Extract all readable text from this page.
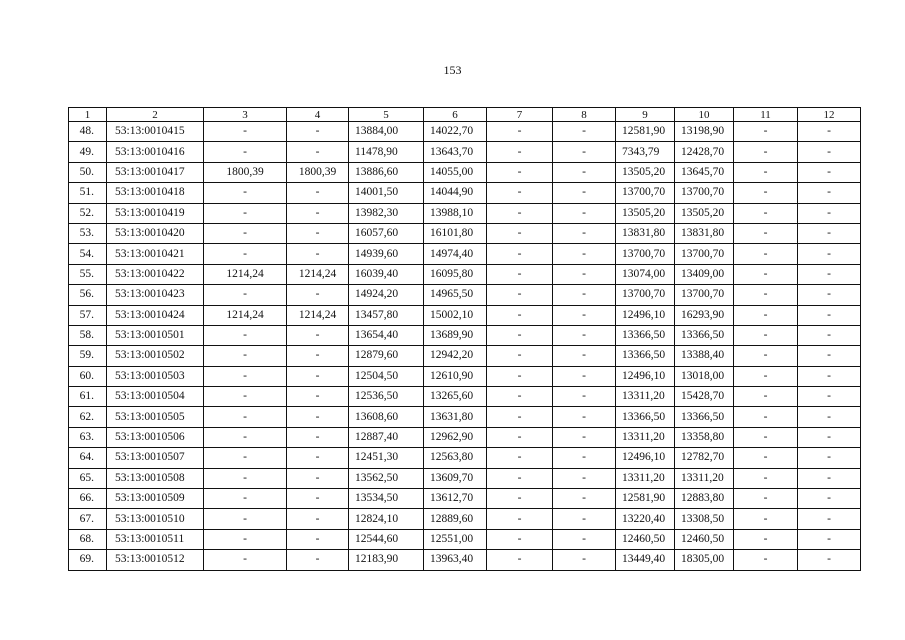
153
1	2	3	4	5	6	7	8	9	10	11	12
48.	53:13:0010415	-	-	13884,00	14022,70	-	-	12581,90	13198,90	-	-
49.	53:13:0010416	-	-	11478,90	13643,70	-	-	7343,79	12428,70	-	-
50.	53:13:0010417	1800,39	1800,39	13886,60	14055,00	-	-	13505,20	13645,70	-	-
51.	53:13:0010418	-	-	14001,50	14044,90	-	-	13700,70	13700,70	-	-
52.	53:13:0010419	-	-	13982,30	13988,10	-	-	13505,20	13505,20	-	-
53.	53:13:0010420	-	-	16057,60	16101,80	-	-	13831,80	13831,80	-	-
54.	53:13:0010421	-	-	14939,60	14974,40	-	-	13700,70	13700,70	-	-
55.	53:13:0010422	1214,24	1214,24	16039,40	16095,80	-	-	13074,00	13409,00	-	-
56.	53:13:0010423	-	-	14924,20	14965,50	-	-	13700,70	13700,70	-	-
57.	53:13:0010424	1214,24	1214,24	13457,80	15002,10	-	-	12496,10	16293,90	-	-
58.	53:13:0010501	-	-	13654,40	13689,90	-	-	13366,50	13366,50	-	-
59.	53:13:0010502	-	-	12879,60	12942,20	-	-	13366,50	13388,40	-	-
60.	53:13:0010503	-	-	12504,50	12610,90	-	-	12496,10	13018,00	-	-
61.	53:13:0010504	-	-	12536,50	13265,60	-	-	13311,20	15428,70	-	-
62.	53:13:0010505	-	-	13608,60	13631,80	-	-	13366,50	13366,50	-	-
63.	53:13:0010506	-	-	12887,40	12962,90	-	-	13311,20	13358,80	-	-
64.	53:13:0010507	-	-	12451,30	12563,80	-	-	12496,10	12782,70	-	-
65.	53:13:0010508	-	-	13562,50	13609,70	-	-	13311,20	13311,20	-	-
66.	53:13:0010509	-	-	13534,50	13612,70	-	-	12581,90	12883,80	-	-
67.	53:13:0010510	-	-	12824,10	12889,60	-	-	13220,40	13308,50	-	-
68.	53:13:0010511	-	-	12544,60	12551,00	-	-	12460,50	12460,50	-	-
69.	53:13:0010512	-	-	12183,90	13963,40	-	-	13449,40	18305,00	-	-
